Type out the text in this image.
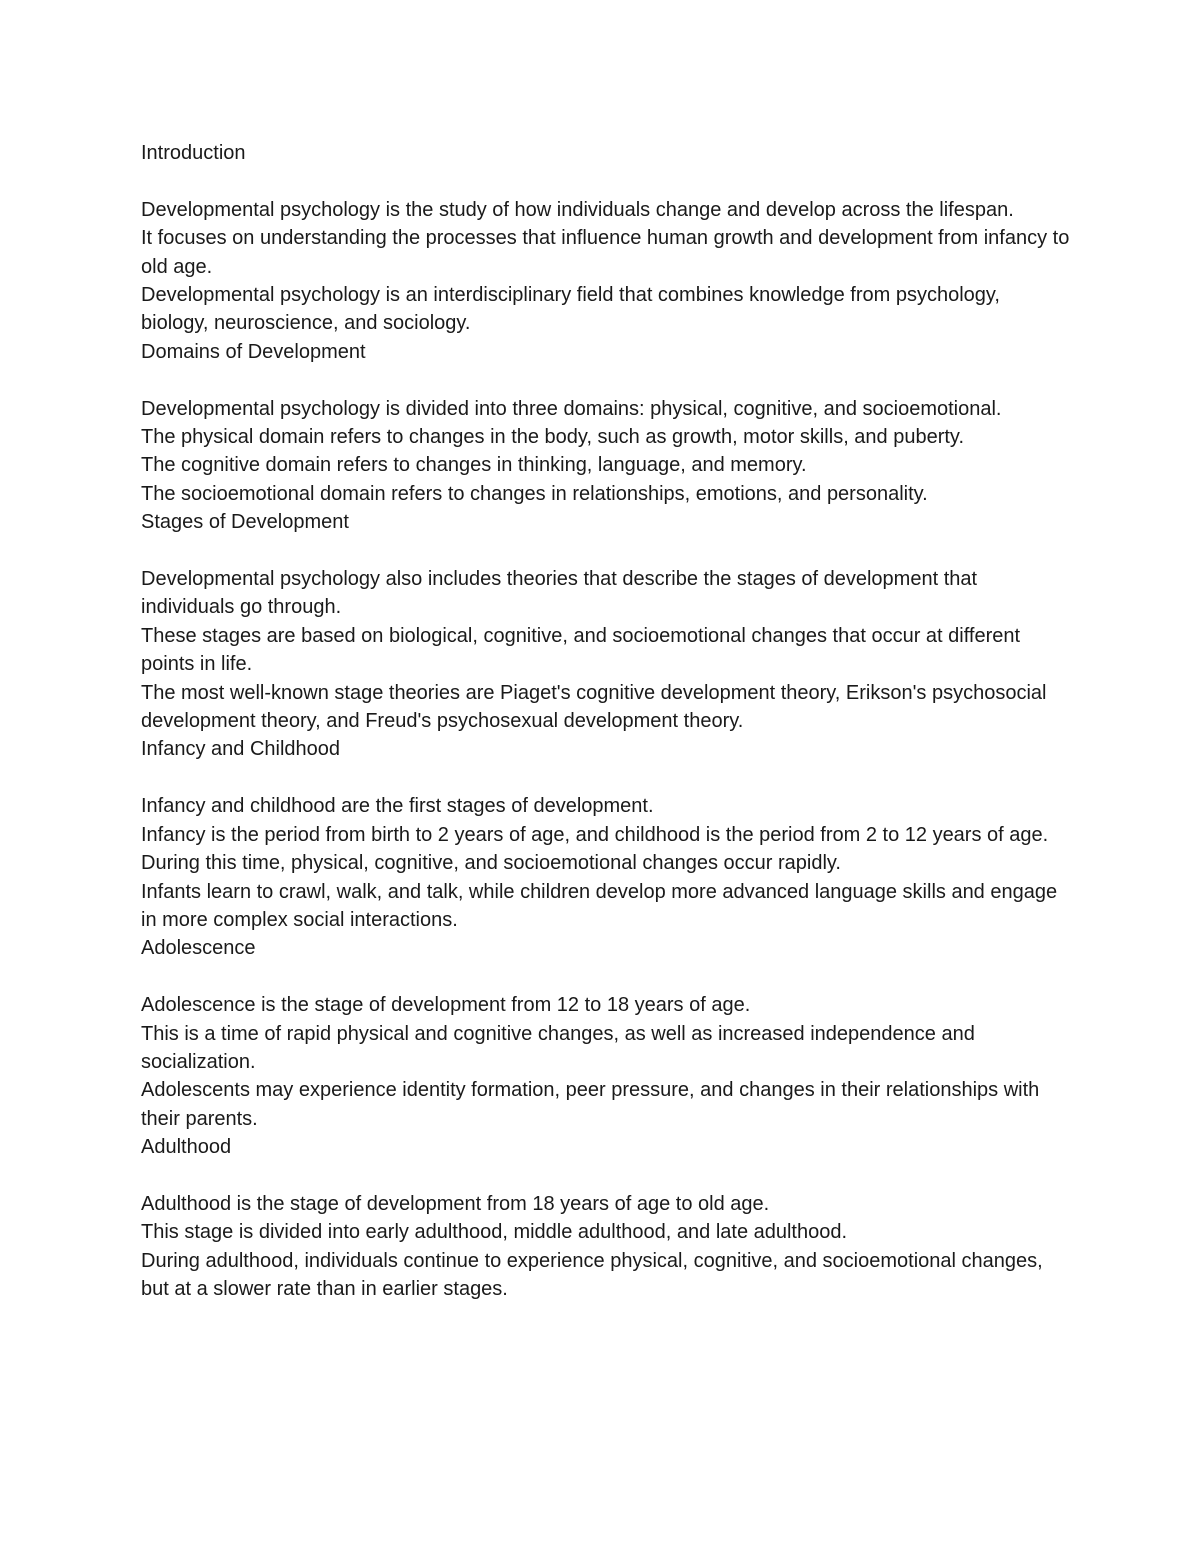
Introduction

Developmental psychology is the study of how individuals change and develop across the lifespan.

It focuses on understanding the processes that influence human growth and development from infancy to old age.

Developmental psychology is an interdisciplinary field that combines knowledge from psychology, biology, neuroscience, and sociology.

Domains of Development

Developmental psychology is divided into three domains: physical, cognitive, and socioemotional.

The physical domain refers to changes in the body, such as growth, motor skills, and puberty.

The cognitive domain refers to changes in thinking, language, and memory.

The socioemotional domain refers to changes in relationships, emotions, and personality.

Stages of Development

Developmental psychology also includes theories that describe the stages of development that individuals go through.

These stages are based on biological, cognitive, and socioemotional changes that occur at different points in life.

The most well-known stage theories are Piaget's cognitive development theory, Erikson's psychosocial development theory, and Freud's psychosexual development theory.

Infancy and Childhood

Infancy and childhood are the first stages of development.

Infancy is the period from birth to 2 years of age, and childhood is the period from 2 to 12 years of age.

During this time, physical, cognitive, and socioemotional changes occur rapidly.

Infants learn to crawl, walk, and talk, while children develop more advanced language skills and engage in more complex social interactions.

Adolescence

Adolescence is the stage of development from 12 to 18 years of age.

This is a time of rapid physical and cognitive changes, as well as increased independence and socialization.

Adolescents may experience identity formation, peer pressure, and changes in their relationships with their parents.

Adulthood

Adulthood is the stage of development from 18 years of age to old age.

This stage is divided into early adulthood, middle adulthood, and late adulthood.

During adulthood, individuals continue to experience physical, cognitive, and socioemotional changes, but at a slower rate than in earlier stages.
